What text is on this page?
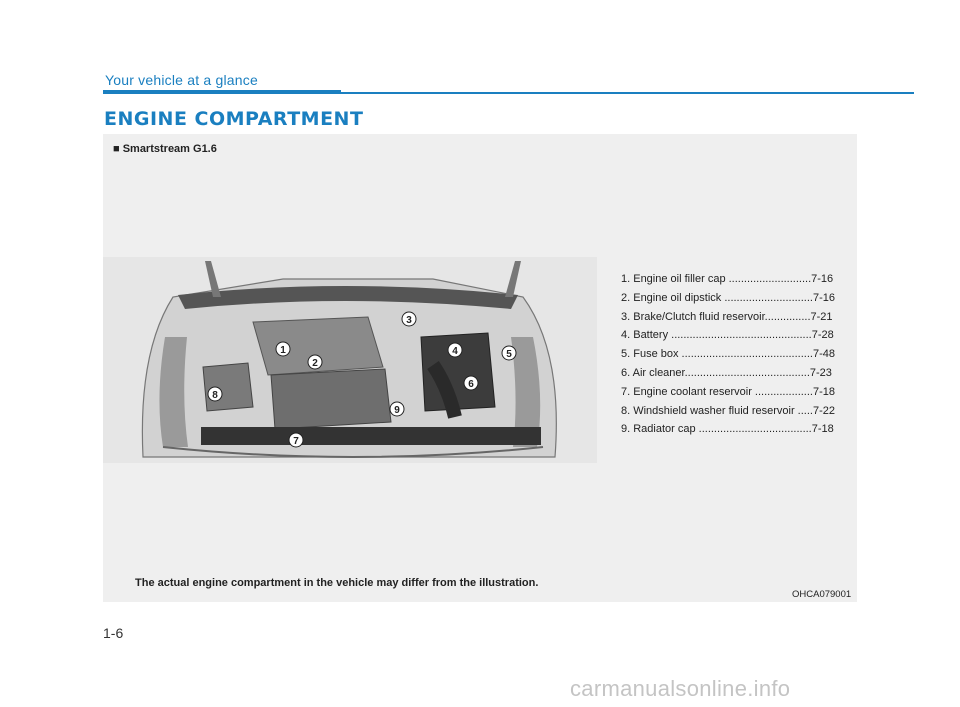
Your vehicle at a glance
ENGINE COMPARTMENT
■ Smartstream G1.6
1
2
3
4	5
6
7
8
9
1. Engine oil filler cap ...........................7-16
2. Engine oil dipstick .............................7-16
3. Brake/Clutch fluid reservoir...............7-21
4. Battery ..............................................7-28
5. Fuse box ...........................................7-48
6. Air cleaner.........................................7-23
7. Engine coolant reservoir ...................7-18
8. Windshield washer fluid reservoir .....7-22
9. Radiator cap .....................................7-18
The actual engine compartment in the vehicle may differ from the illustration.
OHCA079001
1-6
carmanualsonline.info
